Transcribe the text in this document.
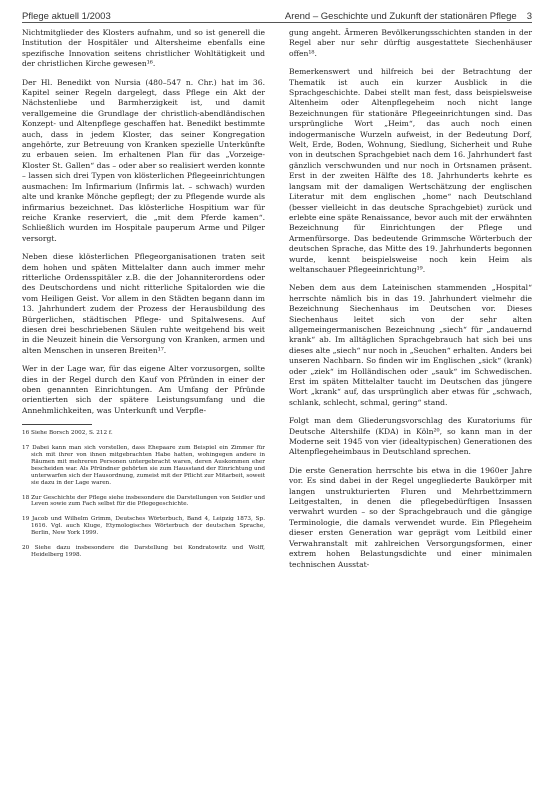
Pflege aktuell 1/2003	Arend – Geschichte und Zukunft der stationären Pflege 3

Nichtmitglieder des Klosters aufnahm, und so ist generell die Institution der Hospitäler und Altersheime ebenfalls eine spezifische Innovation seitens christlicher Wohltätigkeit und der christlichen Kirche gewesen¹⁶.

Der Hl. Benedikt von Nursia (480–547 n. Chr.) hat im 36. Kapitel seiner Regeln dargelegt, dass Pflege ein Akt der Nächstenliebe und Barmherzigkeit ist, und damit verallgemeine die Grundlage der christlich-abendländischen Konzept- und Altenpflege geschaffen hat. Benedikt bestimmte auch, dass in jedem Kloster, das seiner Kongregation angehörte, zur Betreuung von Kranken spezielle Unterkünfte zu erbauen seien. Im erhaltenen Plan für das „Vorzeige-Kloster St. Gallen“ das – oder aber so realisiert werden konnte – lassen sich drei Typen von klösterlichen Pflegeeinrichtungen ausmachen: Im Infirmarium (Infirmis lat. – schwach) wurden alte und kranke Mönche gepflegt; der zu Pflegende wurde als infirmarius bezeichnet. Das klösterliche Hospitium war für reiche Kranke reserviert, die „mit dem Pferde kamen“. Schließlich wurden im Hospitale pauperum Arme und Pilger versorgt.

Neben diese klösterlichen Pflegeorganisationen traten seit dem hohen und späten Mittelalter dann auch immer mehr ritterliche Ordensspitäler z.B. die der Johanniterordens oder des Deutschordens und nicht ritterliche Spitalorden wie die vom Heiligen Geist. Vor allem in den Städten begann dann im 13. Jahrhundert zudem der Prozess der Herausbildung des Bürgerlichen, städtischen Pflege- und Spitalwesens. Auf diesen drei beschriebenen Säulen ruhte weitgehend bis weit in die Neuzeit hinein die Versorgung von Kranken, armen und alten Menschen in unseren Breiten¹⁷.

Wer in der Lage war, für das eigene Alter vorzusorgen, sollte dies in der Regel durch den Kauf von Pfründen in einer der oben genannten Einrichtungen. Am Umfang der Pfründe orientierten sich der spätere Leistungsumfang und die Annehmlichkeiten, was Unterkunft und Verpfle-

16 Siehe Borsch 2002, S. 212 f.

17 Dabei kann man sich vorstellen, dass Ehepaare zum Beispiel ein Zimmer für sich mit ihrer von ihnen mitgebrachten Habe hatten, wohingegen andere in Räumen mit mehreren Personen untergebracht waren, deren Auskommen eher bescheiden war. Als Pfründner gehörten sie zum Hausstand der Einrichtung und unterwarfen sich der Hausordnung, zumeist mit der Pflicht zur Mitarbeit, soweit sie dazu in der Lage waren.

18 Zur Geschichte der Pflege siehe insbesondere die Darstellungen von Seidler und Leven sowie zum Fach selbst für die Pflegegeschichte.

19 Jacob und Wilhelm Grimm, Deutsches Wörterbuch, Band 4, Leipzig 1873, Sp. 1616. Vgl. auch Kluge, Etymologisches Wörterbuch der deutschen Sprache, Berlin, New York 1999.

20 Siehe dazu insbesondere die Darstellung bei Kondratowitz und Wolff, Heidelberg 1998.

gung angeht. Ärmeren Bevölkerungsschichten standen in der Regel aber nur sehr dürftig ausgestattete Siechenhäuser offen¹⁸.

Bemerkenswert und hilfreich bei der Betrachtung der Thematik ist auch ein kurzer Ausblick in die Sprachgeschichte. Dabei stellt man fest, dass beispielsweise Altenheim oder Altenpflegeheim noch nicht lange Bezeichnungen für stationäre Pflegeeinrichtungen sind. Das ursprüngliche Wort „Heim“, das auch noch einen indogermanische Wurzeln aufweist, in der Bedeutung Dorf, Welt, Erde, Boden, Wohnung, Siedlung, Sicherheit und Ruhe von in deutschen Sprachgebiet nach dem 16. Jahrhundert fast gänzlich verschwunden und nur noch in Ortsnamen präsent. Erst in der zweiten Hälfte des 18. Jahrhunderts kehrte es langsam mit der damaligen Wertschätzung der englischen Literatur mit dem englischen „home“ nach Deutschland (besser vielleicht in das deutsche Sprachgebiet) zurück und erlebte eine späte Renaissance, bevor auch mit der erwähnten Bezeichnung für Einrichtungen der Pflege und Armenfürsorge. Das bedeutende Grimmsche Wörterbuch der deutschen Sprache, das Mitte des 19. Jahrhunderts begonnen wurde, kennt beispielsweise noch kein Heim als weltanschauer Pflegeeinrichtung¹⁹.

Neben dem aus dem Lateinischen stammenden „Hospital“ herrschte nämlich bis in das 19. Jahrhundert vielmehr die Bezeichnung Siechenhaus im Deutschen vor. Dieses Siechenhaus leitet sich von der sehr alten allgemeingermanischen Bezeichnung „siech“ für „andauernd krank“ ab. Im alltäglichen Sprachgebrauch hat sich bei uns dieses alte „siech“ nur noch in „Seuchen“ erhalten. Anders bei unseren Nachbarn. So finden wir im Englischen „sick“ (krank) oder „ziek“ im Holländischen oder „sauk“ im Schwedischen. Erst im späten Mittelalter taucht im Deutschen das jüngere Wort „krank“ auf, das ursprünglich aber etwas für „schwach, schlank, schlecht, schmal, gering“ stand.

Folgt man dem Gliederungsvorschlag des Kuratoriums für Deutsche Altershilfe (KDA) in Köln²⁰, so kann man in der Moderne seit 1945 von vier (idealtypischen) Generationen des Altenpflegeheimbaus in Deutschland sprechen.

Die erste Generation herrschte bis etwa in die 1960er Jahre vor. Es sind dabei in der Regel ungegliederte Baukörper mit langen unstrukturierten Fluren und Mehrbettzimmern Leitgestalten, in denen die pflegebedürftigen Insassen verwahrt wurden – so der Sprachgebrauch und die gängige Terminologie, die damals verwendet wurde. Ein Pflegeheim dieser ersten Generation war geprägt vom Leitbild einer Verwahranstalt mit zahlreichen Versorgungsformen, einer extrem hohen Belastungsdichte und einer minimalen technischen Ausstat-
